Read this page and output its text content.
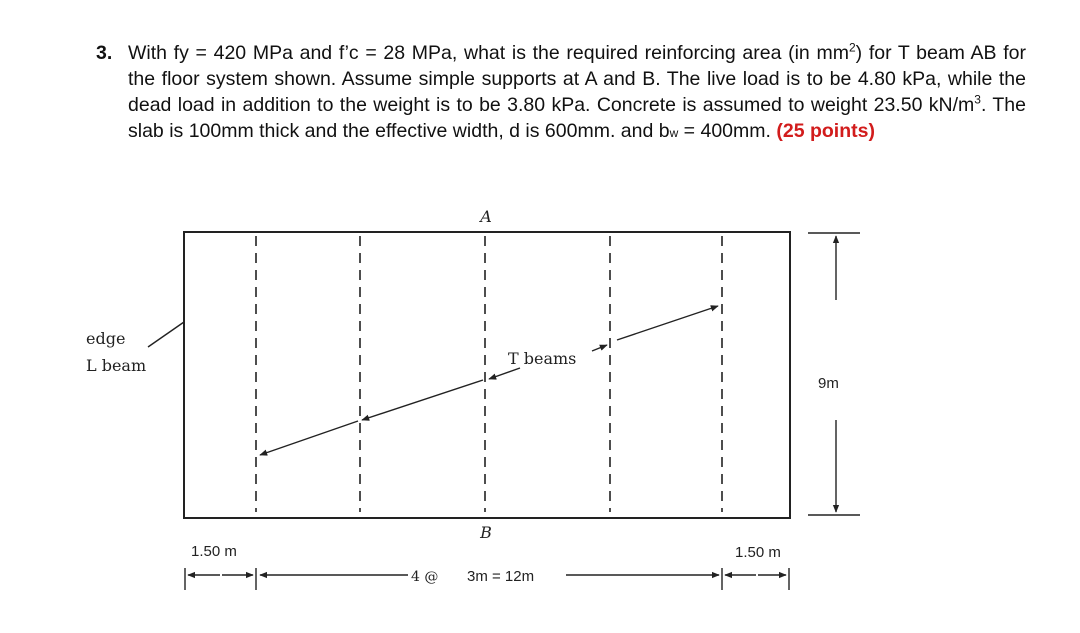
3. With fy = 420 MPa and f’c = 28 MPa, what is the required reinforcing area (in $mm^2$) for T beam AB for the floor system shown. Assume simple supports at A and B. The live load is to be 4.80 kPa, while the dead load in addition to the weight is to be 3.80 kPa. Concrete is assumed to weight 23.50 $kN/m^3$. The slab is 100mm thick and the effective width, d is 600mm. and bw = 400mm. (25 points)
A
B
T beams
edge
L beam
9m
1.50 m	1.50 m
4 @ 3m = 12m
